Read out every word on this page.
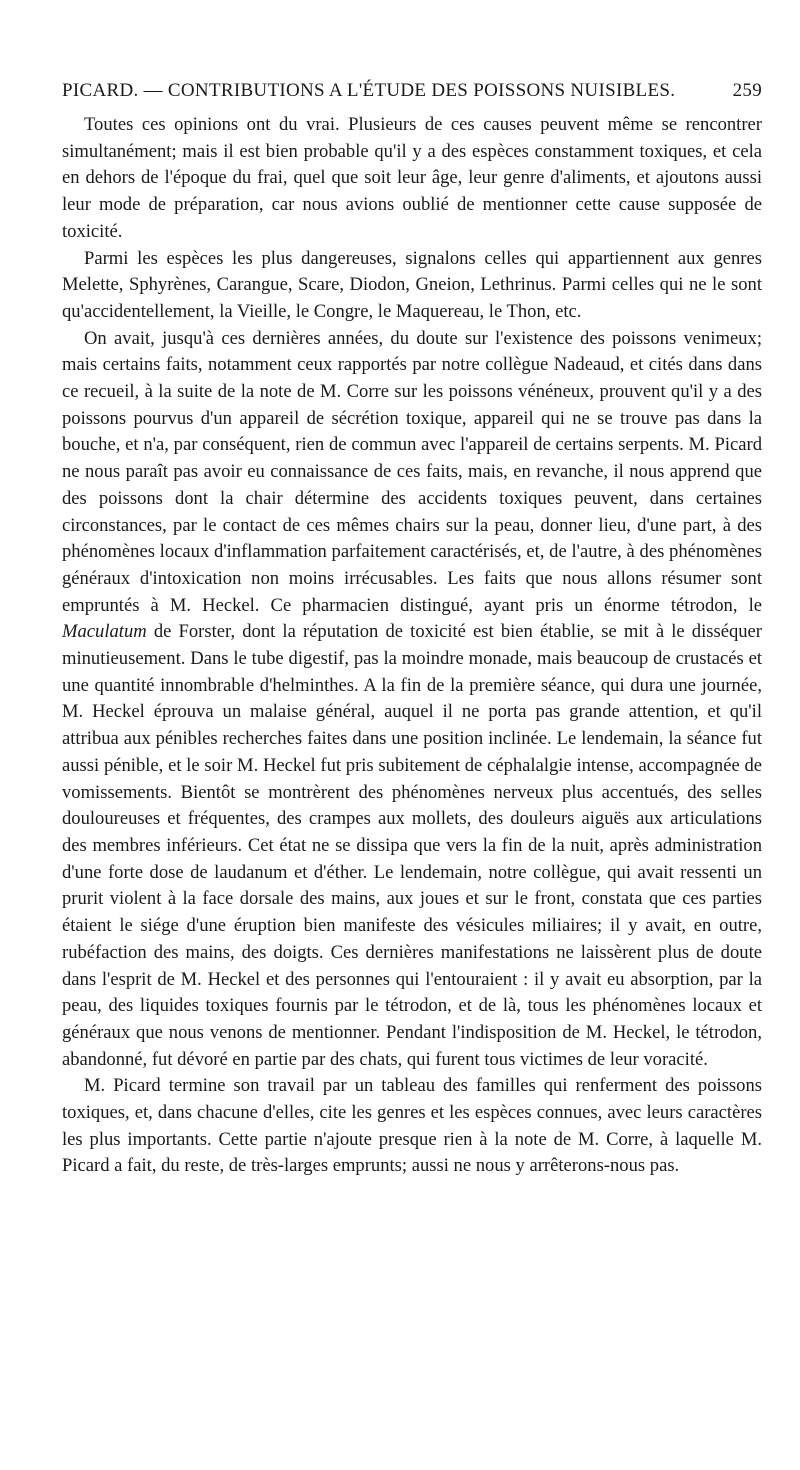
PICARD. — CONTRIBUTIONS A L'ÉTUDE DES POISSONS NUISIBLES.	259

Toutes ces opinions ont du vrai. Plusieurs de ces causes peuvent même se rencontrer simultanément; mais il est bien probable qu'il y a des espèces constamment toxiques, et cela en dehors de l'époque du frai, quel que soit leur âge, leur genre d'aliments, et ajoutons aussi leur mode de préparation, car nous avions oublié de mentionner cette cause supposée de toxicité.

Parmi les espèces les plus dangereuses, signalons celles qui appartiennent aux genres Melette, Sphyrènes, Carangue, Scare, Diodon, Gneion, Lethrinus. Parmi celles qui ne le sont qu'accidentellement, la Vieille, le Congre, le Maquereau, le Thon, etc.

On avait, jusqu'à ces dernières années, du doute sur l'existence des poissons venimeux; mais certains faits, notamment ceux rapportés par notre collègue Nadeaud, et cités dans dans ce recueil, à la suite de la note de M. Corre sur les poissons vénéneux, prouvent qu'il y a des poissons pourvus d'un appareil de sécrétion toxique, appareil qui ne se trouve pas dans la bouche, et n'a, par conséquent, rien de commun avec l'appareil de certains serpents. M. Picard ne nous paraît pas avoir eu connaissance de ces faits, mais, en revanche, il nous apprend que des poissons dont la chair détermine des accidents toxiques peuvent, dans certaines circonstances, par le contact de ces mêmes chairs sur la peau, donner lieu, d'une part, à des phénomènes locaux d'inflammation parfaitement caractérisés, et, de l'autre, à des phénomènes généraux d'intoxication non moins irrécusables. Les faits que nous allons résumer sont empruntés à M. Heckel. Ce pharmacien distingué, ayant pris un énorme tétrodon, le Maculatum de Forster, dont la réputation de toxicité est bien établie, se mit à le disséquer minutieusement. Dans le tube digestif, pas la moindre monade, mais beaucoup de crustacés et une quantité innombrable d'helminthes. A la fin de la première séance, qui dura une journée, M. Heckel éprouva un malaise général, auquel il ne porta pas grande attention, et qu'il attribua aux pénibles recherches faites dans une position inclinée. Le lendemain, la séance fut aussi pénible, et le soir M. Heckel fut pris subitement de céphalalgie intense, accompagnée de vomissements. Bientôt se montrèrent des phénomènes nerveux plus accentués, des selles douloureuses et fréquentes, des crampes aux mollets, des douleurs aiguës aux articulations des membres inférieurs. Cet état ne se dissipa que vers la fin de la nuit, après administration d'une forte dose de laudanum et d'éther. Le lendemain, notre collègue, qui avait ressenti un prurit violent à la face dorsale des mains, aux joues et sur le front, constata que ces parties étaient le siége d'une éruption bien manifeste des vésicules miliaires; il y avait, en outre, rubéfaction des mains, des doigts. Ces dernières manifestations ne laissèrent plus de doute dans l'esprit de M. Heckel et des personnes qui l'entouraient : il y avait eu absorption, par la peau, des liquides toxiques fournis par le tétrodon, et de là, tous les phénomènes locaux et généraux que nous venons de mentionner. Pendant l'indisposition de M. Heckel, le tétrodon, abandonné, fut dévoré en partie par des chats, qui furent tous victimes de leur voracité.

M. Picard termine son travail par un tableau des familles qui renferment des poissons toxiques, et, dans chacune d'elles, cite les genres et les espèces connues, avec leurs caractères les plus importants. Cette partie n'ajoute presque rien à la note de M. Corre, à laquelle M. Picard a fait, du reste, de très-larges emprunts; aussi ne nous y arrêterons-nous pas.
